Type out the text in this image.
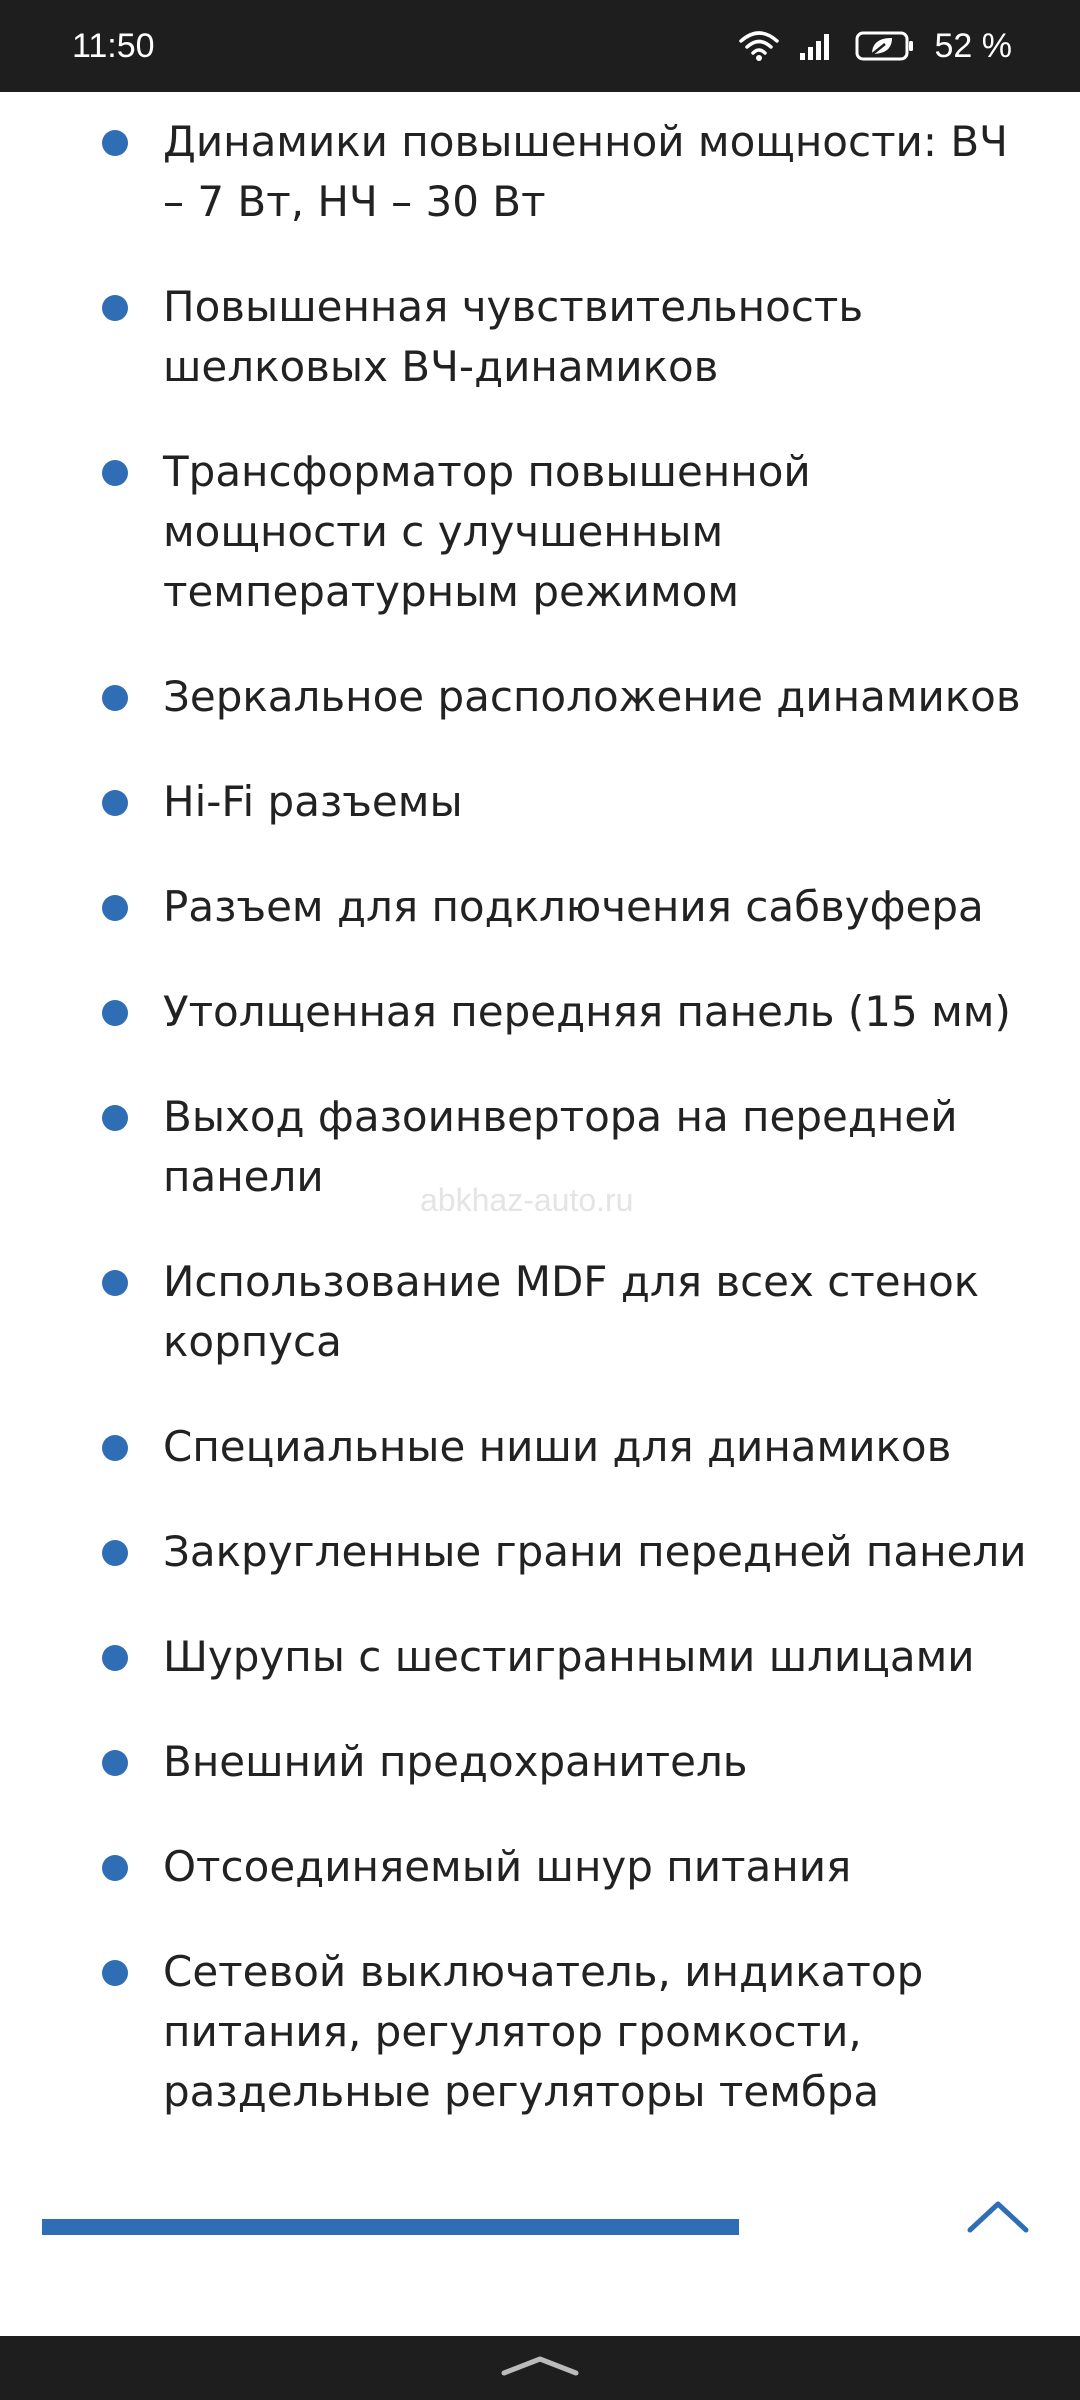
11:50	52 %
Динамики повышенной мощности: ВЧ – 7 Вт, НЧ – 30 Вт
Повышенная чувствительность шелковых ВЧ-динамиков
Трансформатор повышенной мощности с улучшенным температурным режимом
Зеркальное расположение динамиков
Hi-Fi разъемы
Разъем для подключения сабвуфера
Утолщенная передняя панель (15 мм)
Выход фазоинвертора на передней панели
Использование MDF для всех стенок корпуса
Специальные ниши для динамиков
Закругленные грани передней панели
Шурупы с шестигранными шлицами
Внешний предохранитель
Отсоединяемый шнур питания
Сетевой выключатель, индикатор питания, регулятор громкости, раздельные регуляторы тембра
abkhaz-auto.ru
